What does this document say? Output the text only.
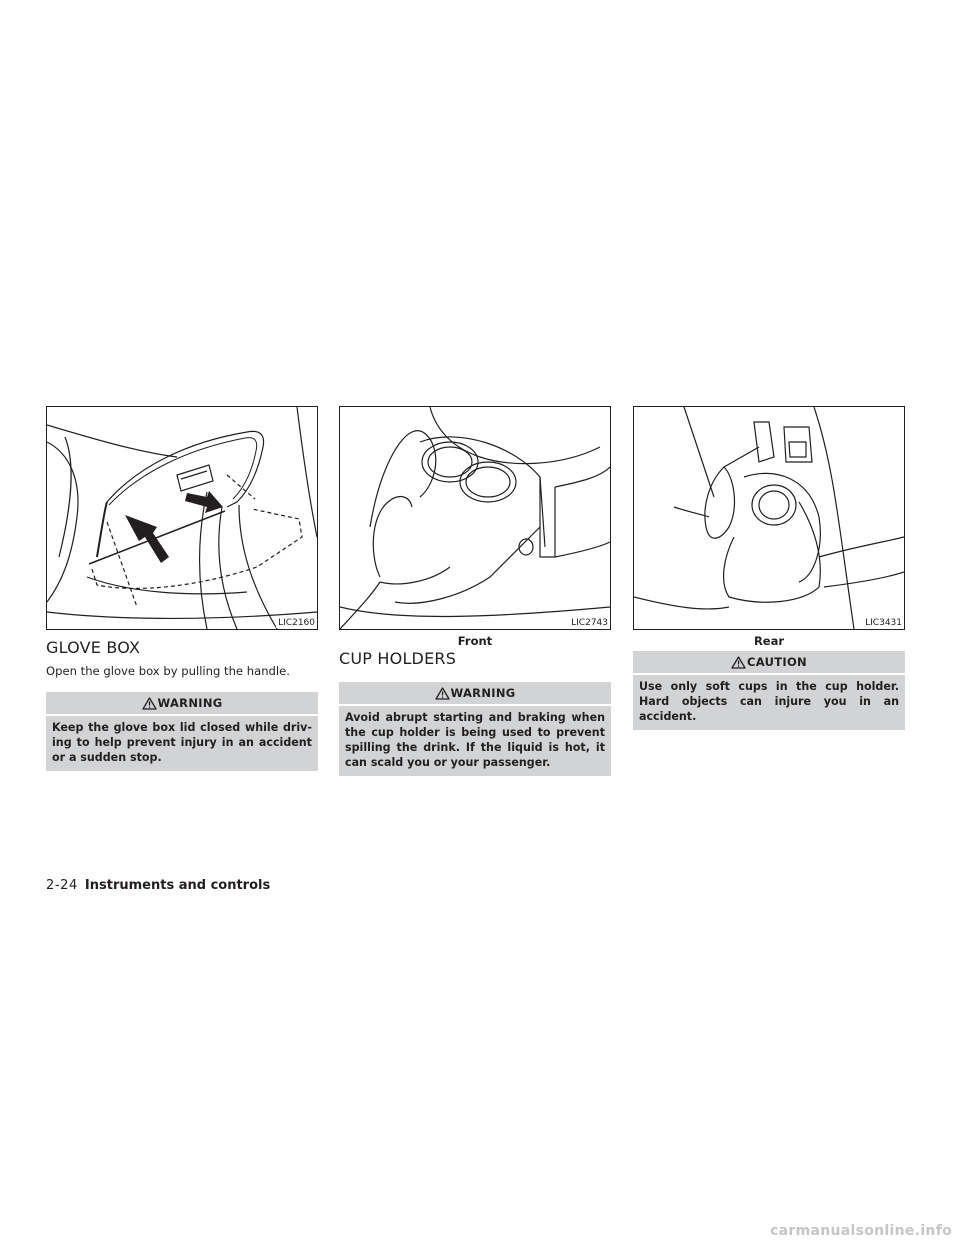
LIC2160
GLOVE BOX

Open the glove box by pulling the handle.

WARNING
Keep the glove box lid closed while driv-ing to help prevent injury in an accident or a sudden stop.
LIC2743
Front
CUP HOLDERS
WARNING
Avoid abrupt starting and braking when the cup holder is being used to prevent spilling the drink. If the liquid is hot, it can scald you or your passenger.
LIC3431
Rear
CAUTION
Use only soft cups in the cup holder. Hard objects can injure you in an accident.
2-24 Instruments and controls
carmanualsonline.info
